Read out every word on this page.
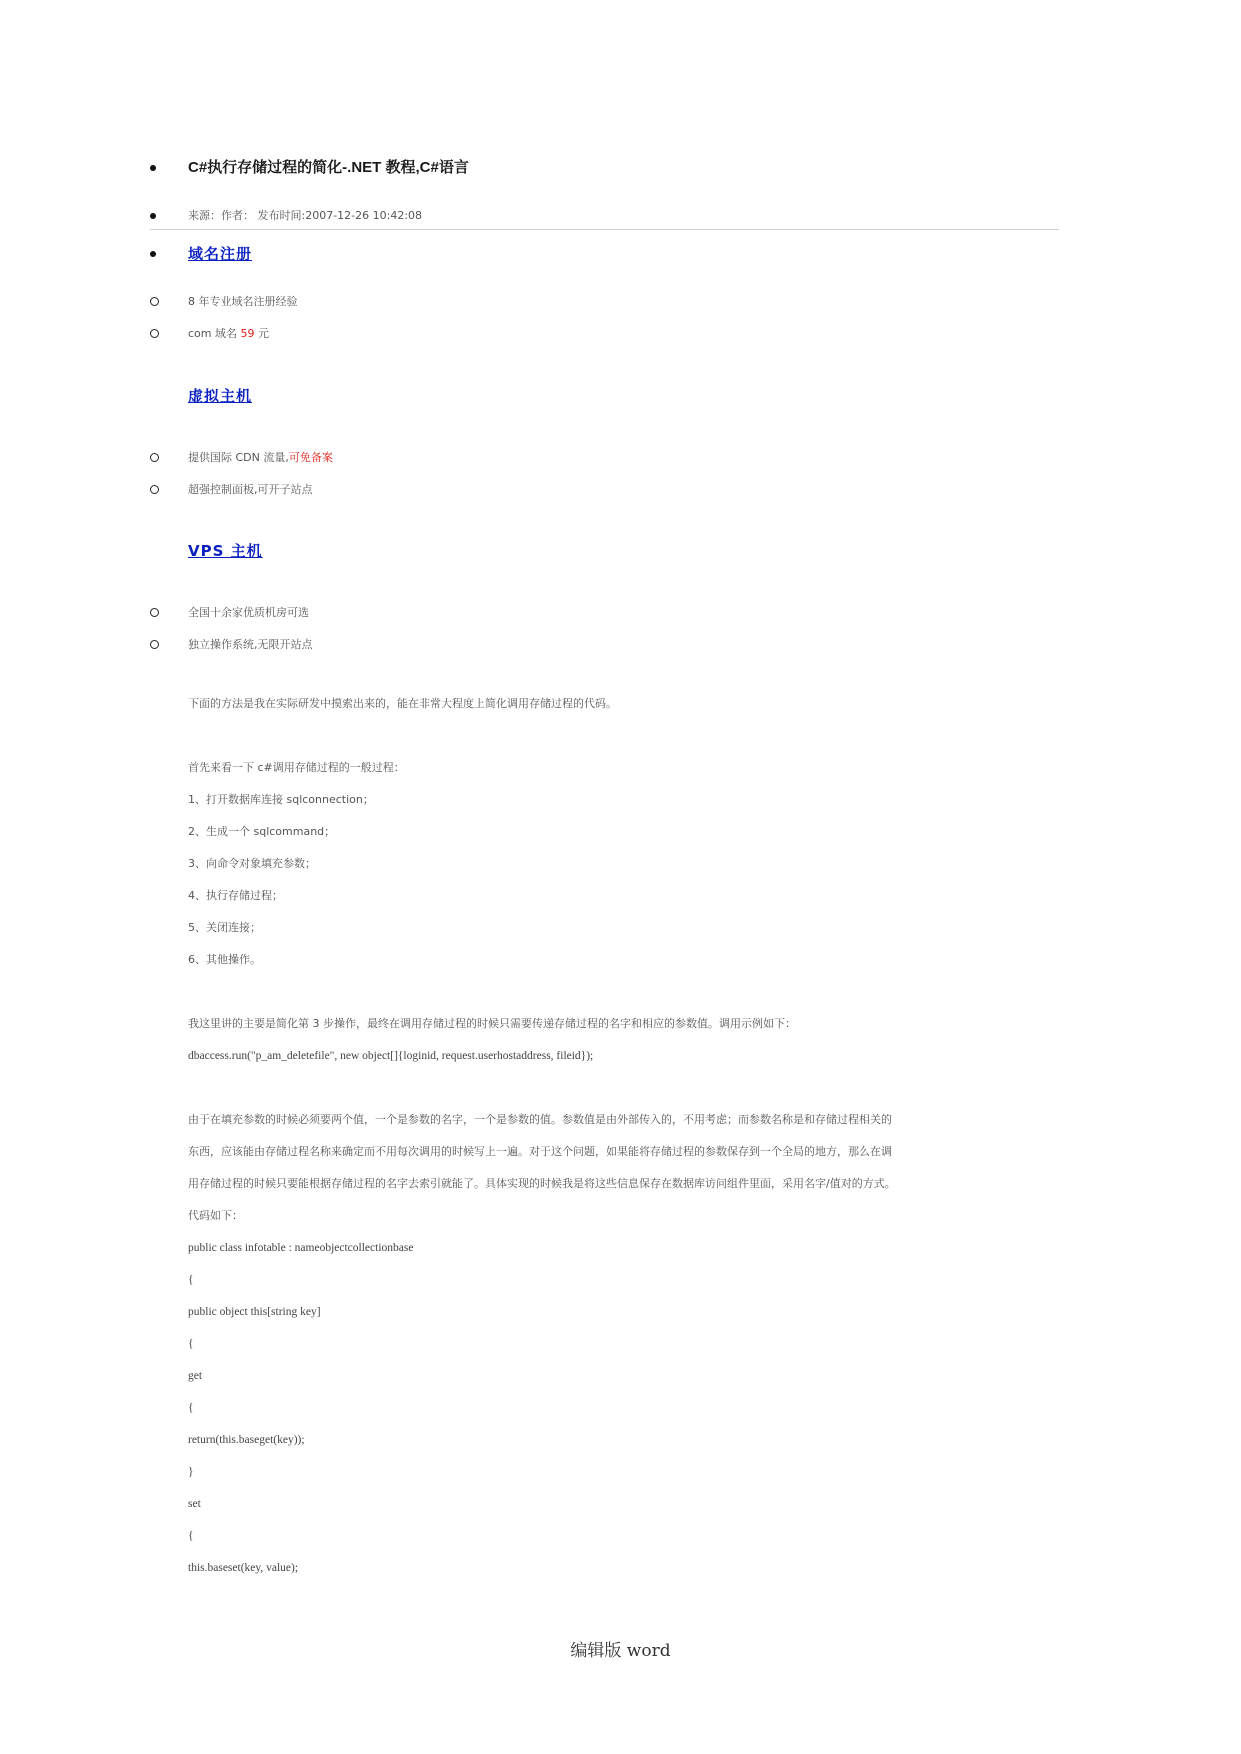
C#执行存储过程的简化-.NET 教程,C#语言
来源：作者： 发布时间:2007-12-26 10:42:08
域名注册
8 年专业域名注册经验
com 域名 59 元
虚拟主机
提供国际 CDN 流量,可免备案
超强控制面板,可开子站点
VPS 主机
全国十余家优质机房可选
独立操作系统,无限开站点
下面的方法是我在实际研发中摸索出来的，能在非常大程度上简化调用存储过程的代码。
首先来看一下 c#调用存储过程的一般过程：
1、打开数据库连接 sqlconnection；
2、生成一个 sqlcommand；
3、向命令对象填充参数；
4、执行存储过程；
5、关闭连接；
6、其他操作。
我这里讲的主要是简化第 3 步操作，最终在调用存储过程的时候只需要传递存储过程的名字和相应的参数值。调用示例如下：
dbaccess.run("p_am_deletefile", new object[]{loginid, request.userhostaddress, fileid});
由于在填充参数的时候必须要两个值，一个是参数的名字，一个是参数的值。参数值是由外部传入的，不用考虑；而参数名称是和存储过程相关的
东西，应该能由存储过程名称来确定而不用每次调用的时候写上一遍。对于这个问题，如果能将存储过程的参数保存到一个全局的地方，那么在调
用存储过程的时候只要能根据存储过程的名字去索引就能了。具体实现的时候我是将这些信息保存在数据库访问组件里面，采用名字/值对的方式。
代码如下：
public class infotable : nameobjectcollectionbase
{
public object this[string key]
{
get
{
return(this.baseget(key));
}
set
{
this.baseset(key, value);
编辑版 word
